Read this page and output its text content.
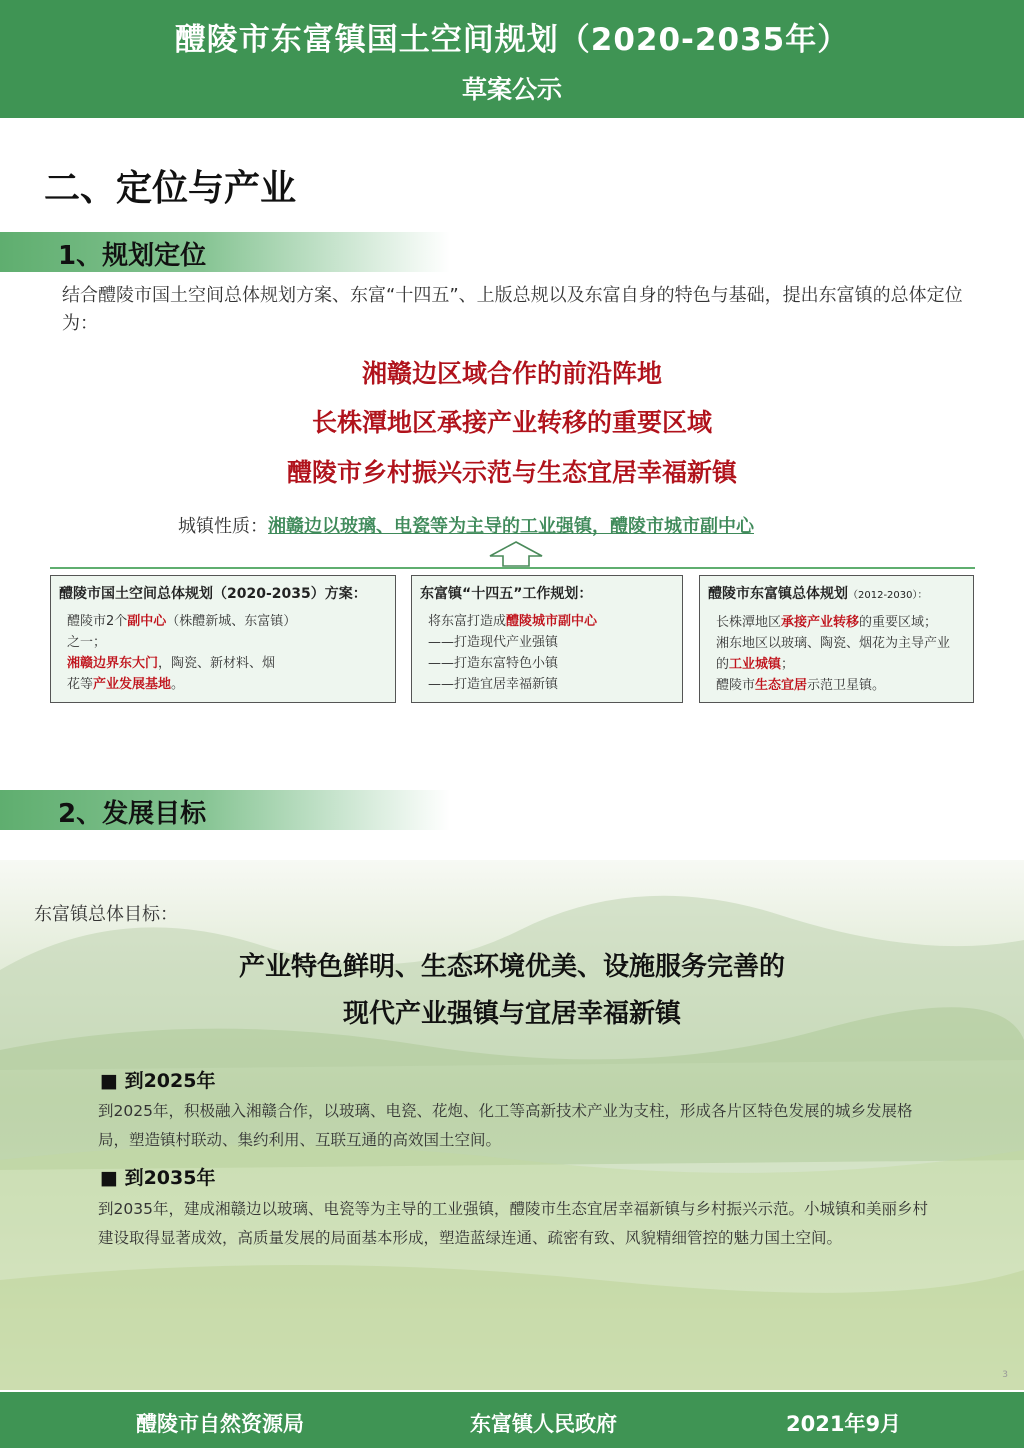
醴陵市东富镇国土空间规划（2020-2035年）
草案公示
二、定位与产业
1、规划定位
结合醴陵市国土空间总体规划方案、东富“十四五”、上版总规以及东富自身的特色与基础，提出东富镇的总体定位为：
湘赣边区域合作的前沿阵地
长株潭地区承接产业转移的重要区域
醴陵市乡村振兴示范与生态宜居幸福新镇
城镇性质：湘赣边以玻璃、电瓷等为主导的工业强镇，醴陵市城市副中心
醴陵市国土空间总体规划（2020-2035）方案：
醴陵市2个副中心（株醴新城、东富镇）
之一；
湘赣边界东大门，陶瓷、新材料、烟
花等产业发展基地。
东富镇“十四五”工作规划：
将东富打造成醴陵城市副中心
——打造现代产业强镇
——打造东富特色小镇
——打造宜居幸福新镇
醴陵市东富镇总体规划（2012-2030）：
长株潭地区承接产业转移的重要区域；
湘东地区以玻璃、陶瓷、烟花为主导产业
的工业城镇；
醴陵市生态宜居示范卫星镇。
2、发展目标
东富镇总体目标：
产业特色鲜明、生态环境优美、设施服务完善的
现代产业强镇与宜居幸福新镇
■ 到2025年
到2025年，积极融入湘赣合作，以玻璃、电瓷、花炮、化工等高新技术产业为支柱，形成各片区特色发展的城乡发展格局，塑造镇村联动、集约利用、互联互通的高效国土空间。
■ 到2035年
到2035年，建成湘赣边以玻璃、电瓷等为主导的工业强镇，醴陵市生态宜居幸福新镇与乡村振兴示范。小城镇和美丽乡村建设取得显著成效，高质量发展的局面基本形成，塑造蓝绿连通、疏密有致、风貌精细管控的魅力国土空间。
3
醴陵市自然资源局	东富镇人民政府	2021年9月
